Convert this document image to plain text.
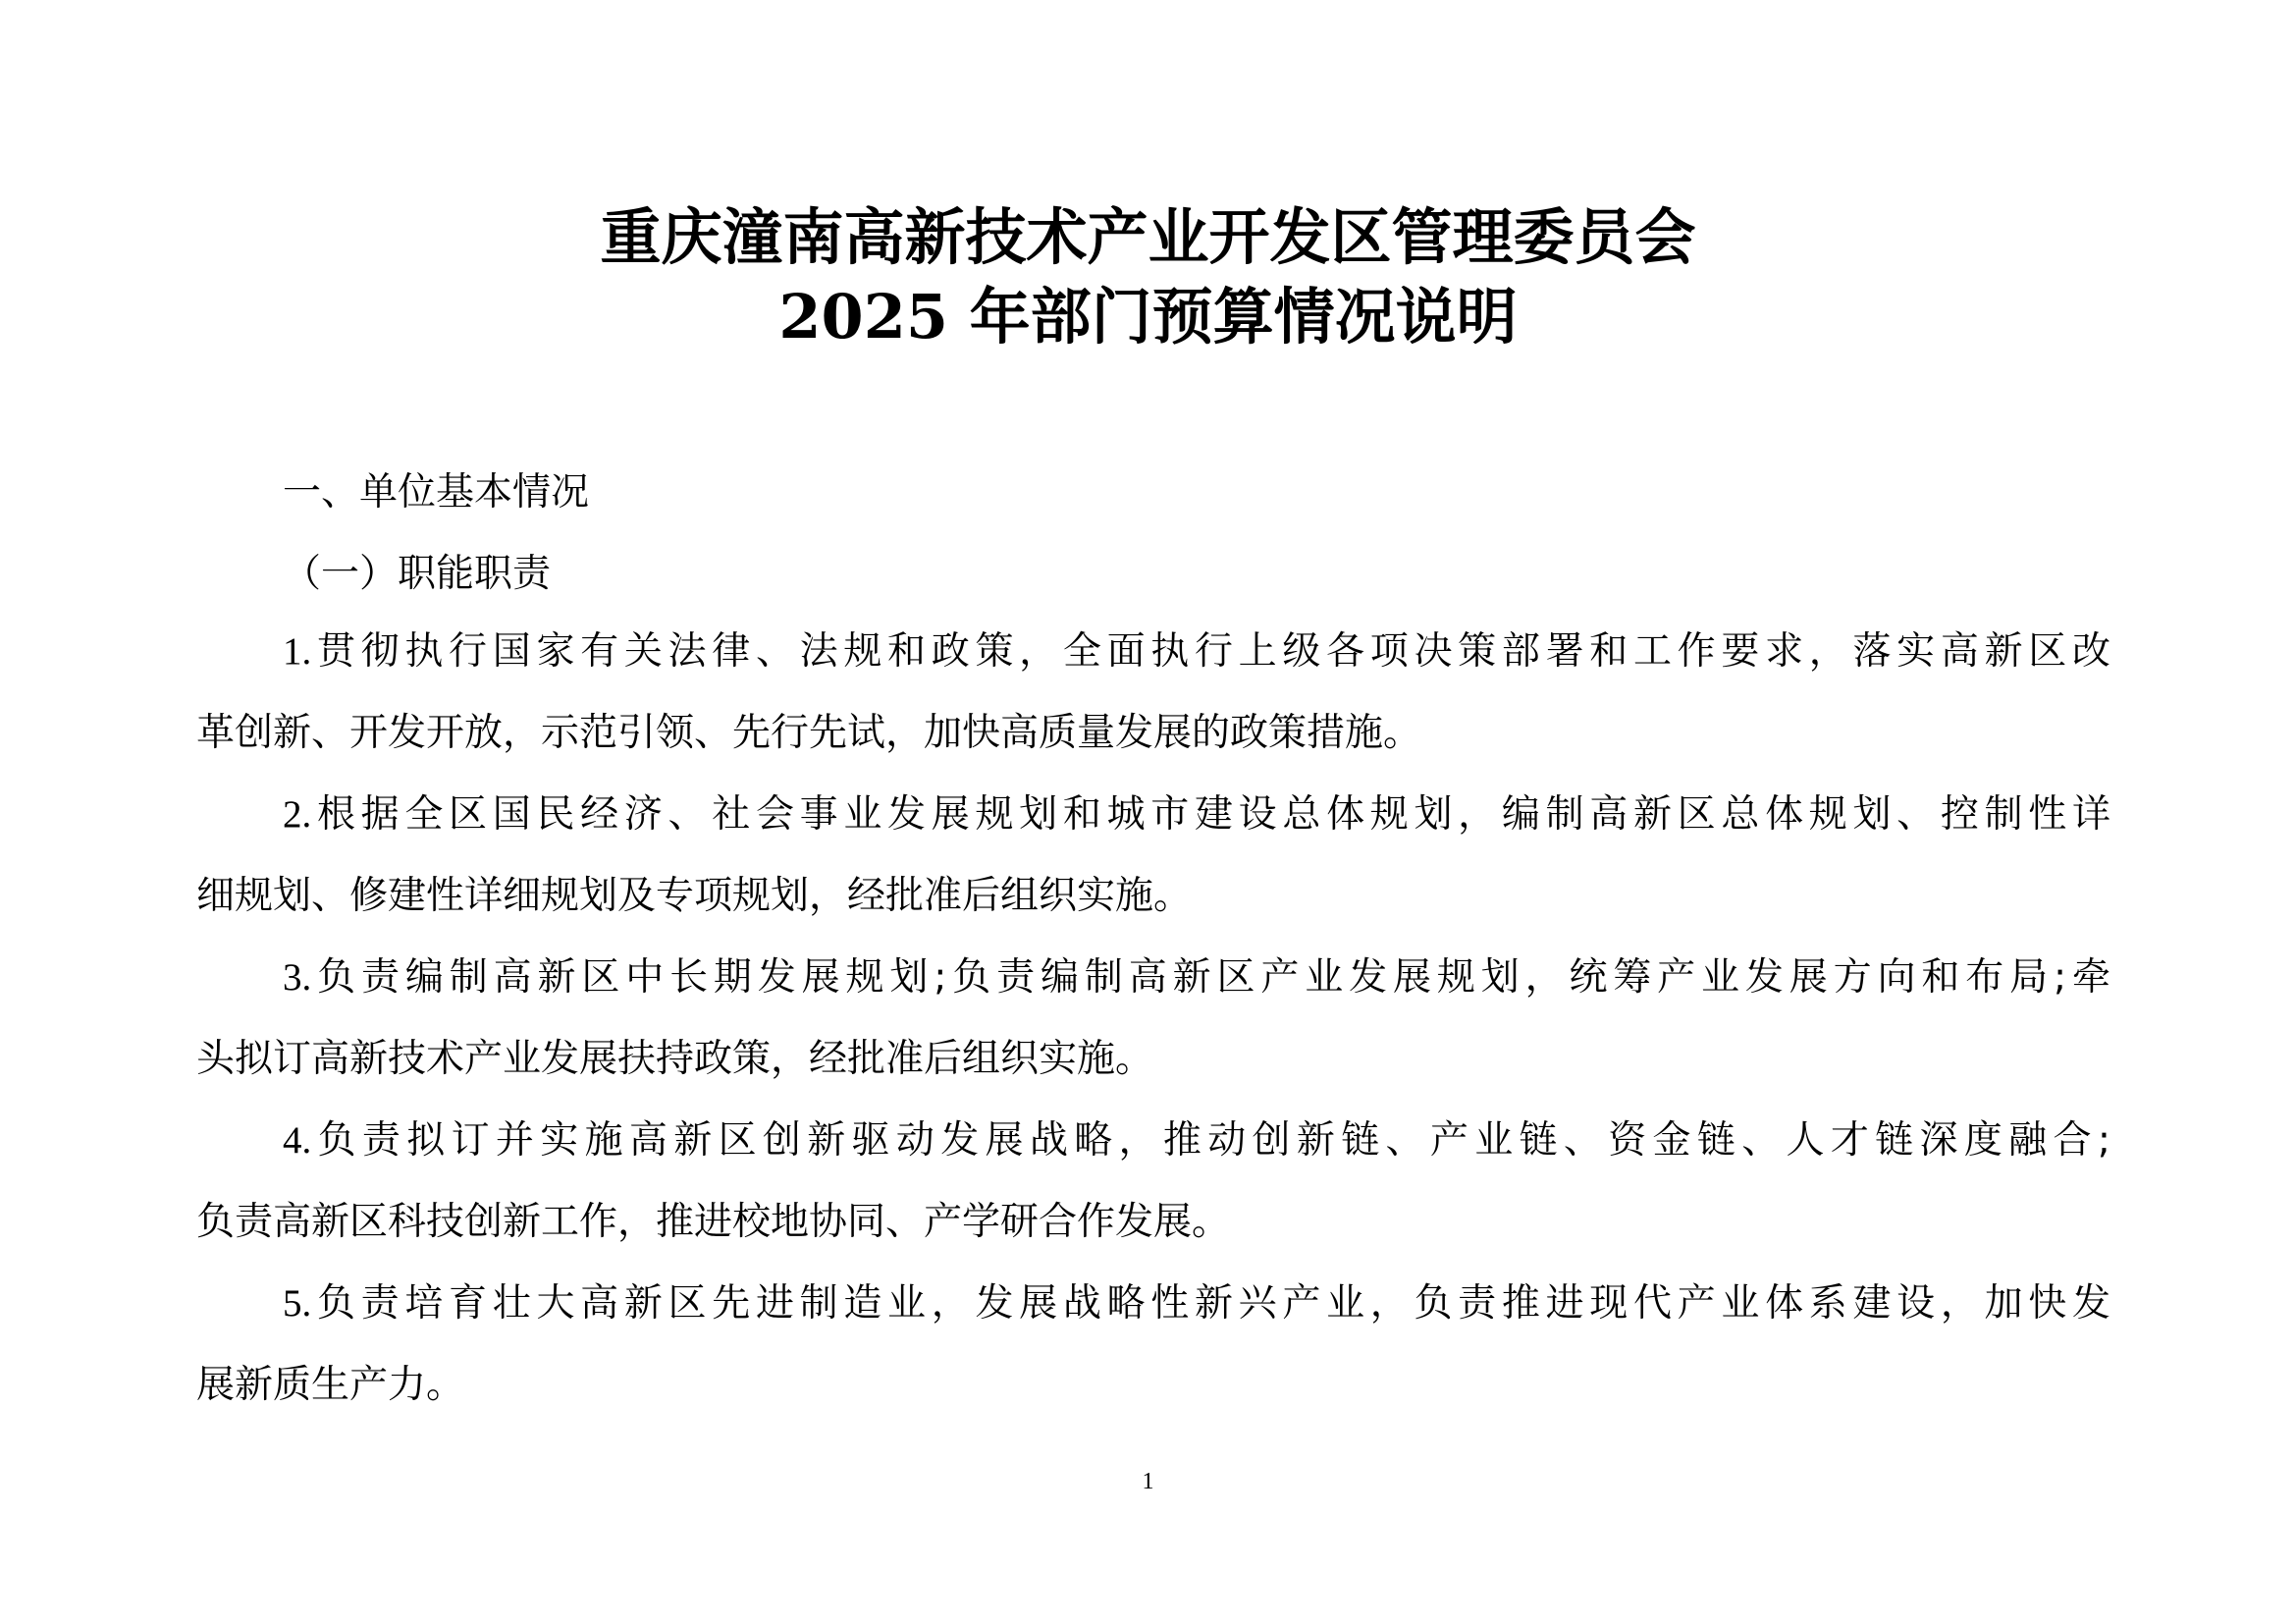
重庆潼南高新技术产业开发区管理委员会
2025 年部门预算情况说明
一、单位基本情况
（一）职能职责
1.贯彻执行国家有关法律、法规和政策，全面执行上级各项决策部署和工作要求，落实高新区改
革创新、开发开放，示范引领、先行先试，加快高质量发展的政策措施。
2.根据全区国民经济、社会事业发展规划和城市建设总体规划，编制高新区总体规划、控制性详
细规划、修建性详细规划及专项规划，经批准后组织实施。
3.负责编制高新区中长期发展规划;负责编制高新区产业发展规划，统筹产业发展方向和布局;牵
头拟订高新技术产业发展扶持政策，经批准后组织实施。
4.负责拟订并实施高新区创新驱动发展战略，推动创新链、产业链、资金链、人才链深度融合;
负责高新区科技创新工作，推进校地协同、产学研合作发展。
5.负责培育壮大高新区先进制造业，发展战略性新兴产业，负责推进现代产业体系建设，加快发
展新质生产力。
1
